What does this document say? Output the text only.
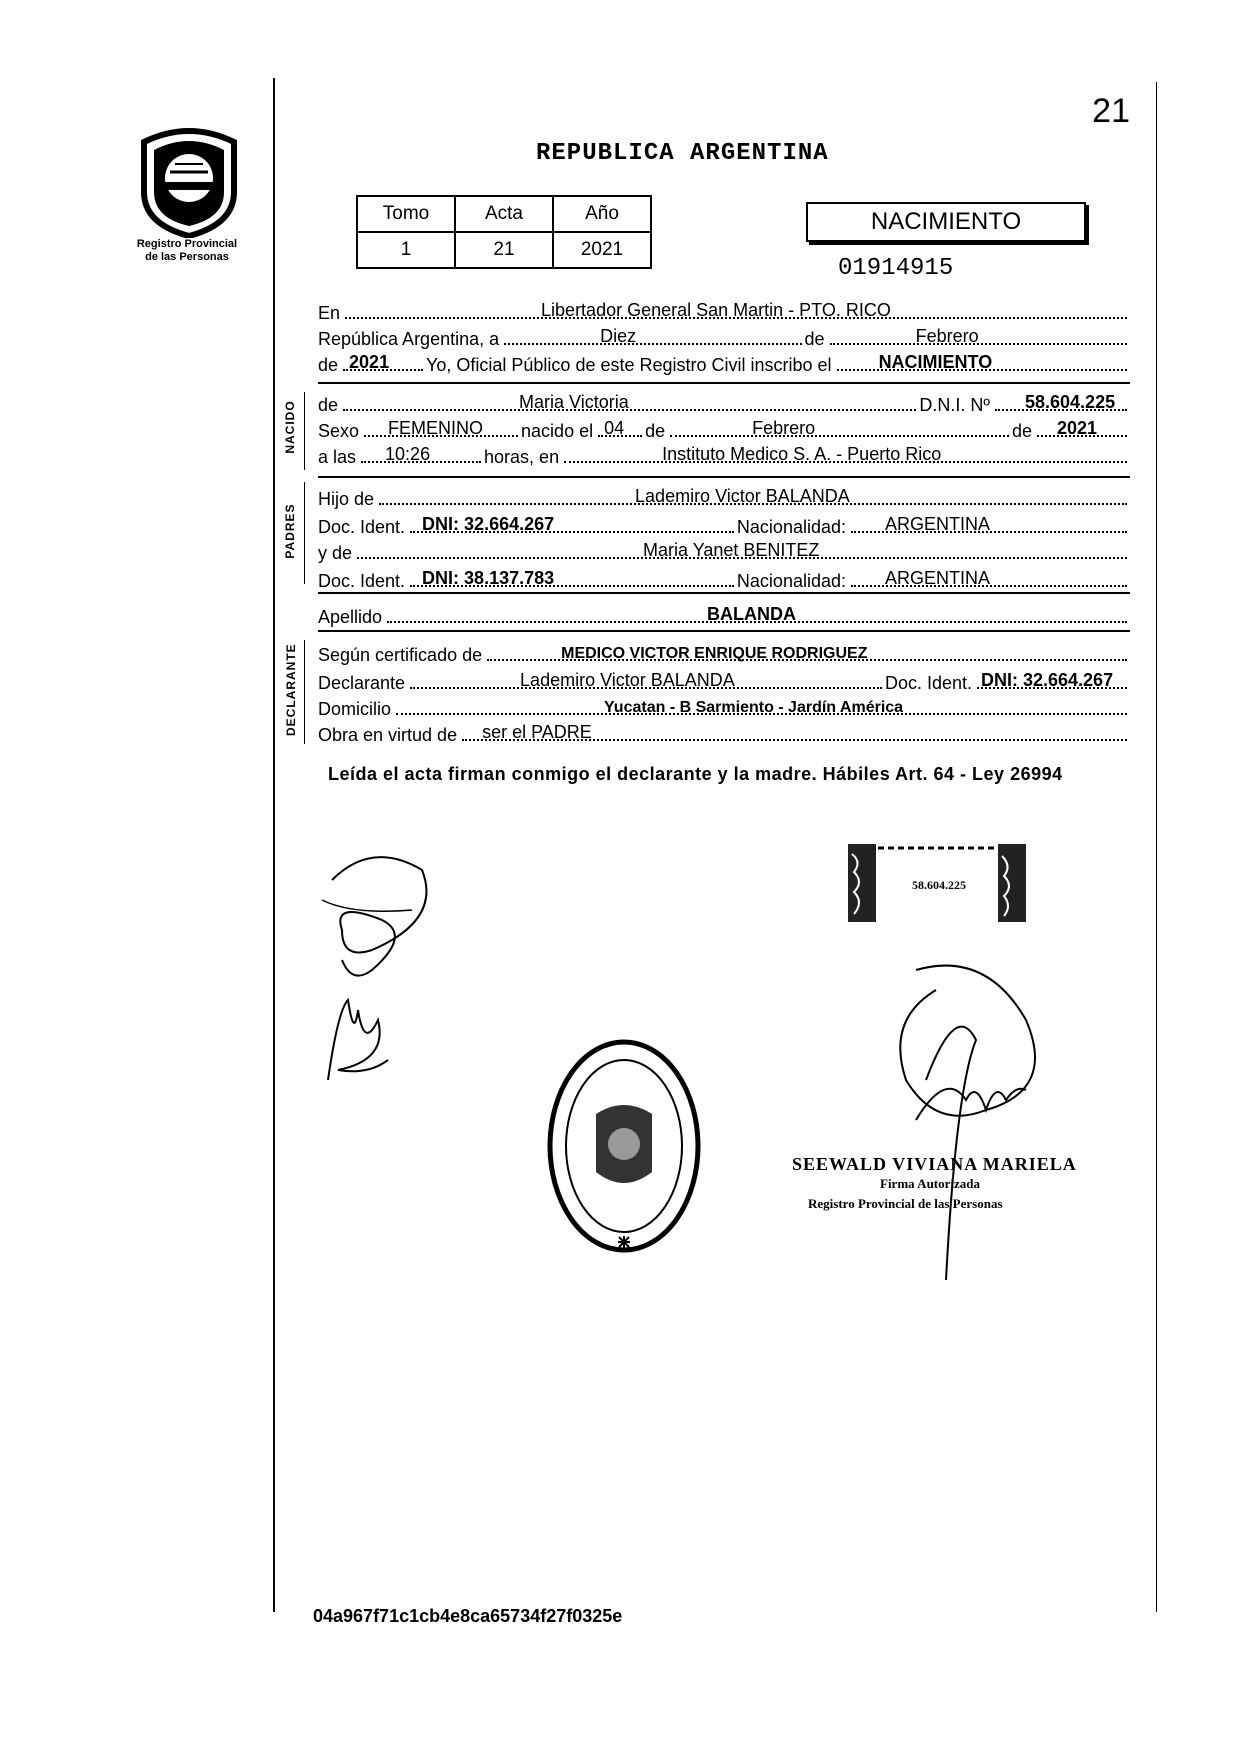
Registro Provincial
de las Personas
21
REPUBLICA ARGENTINA
Tomo	Acta	Año
1	21	2021
NACIMIENTO
01914915
NACIDO
PADRES
DECLARANTE
En	Libertador General San Martin - PTO. RICO
República Argentina, a	Diez	de	Febrero
de 2021 Yo, Oficial Público de este Registro Civil inscribo el	NACIMIENTO
de	Maria Victoria	D.N.I. Nº 58.604.225
Sexo FEMENINO nacido el 04 de	Febrero	de 2021
a las 10:26	horas, en	Instituto Medico S. A. - Puerto Rico
Hijo de	Lademiro Victor BALANDA
Doc. Ident. DNI: 32.664.267	Nacionalidad: ARGENTINA
y de	Maria Yanet BENITEZ
Doc. Ident. DNI: 38.137.783	Nacionalidad: ARGENTINA
Apellido	BALANDA
Según certificado de	MEDICO VICTOR ENRIQUE RODRIGUEZ
Declarante	Lademiro Victor BALANDA	Doc. Ident. DNI: 32.664.267
Domicilio	Yucatan - B Sarmiento - Jardín América
Obra en virtud de ser el PADRE
Leída el acta firman conmigo el declarante y la madre. Hábiles Art. 64 - Ley 26994
58.604.225
SEEWALD VIVIANA MARIELA
Firma Autorizada
Registro Provincial de las Personas
04a967f71c1cb4e8ca65734f27f0325e
